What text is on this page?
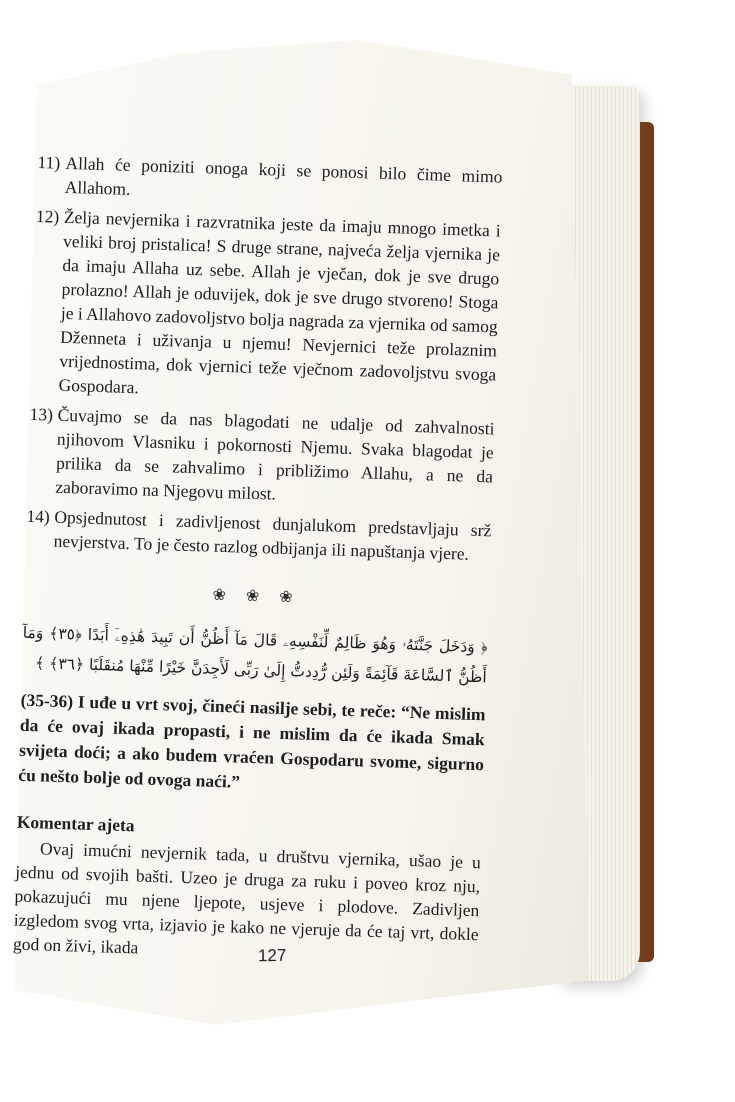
11) Allah će poniziti onoga koji se ponosi bilo čime mimo Allahom.
12) Želja nevjernika i razvratnika jeste da imaju mnogo imetka i veliki broj pristalica! S druge strane, najveća želja vjernika je da imaju Allaha uz sebe. Allah je vječan, dok je sve drugo prolazno! Allah je oduvijek, dok je sve drugo stvoreno! Stoga je i Allahovo zadovoljstvo bolja nagrada za vjernika od samog Dženneta i uživanja u njemu! Nevjernici teže prolaznim vrijednostima, dok vjernici teže vječnom zadovoljstvu svoga Gospodara.
13) Čuvajmo se da nas blagodati ne udalje od zahvalnosti njihovom Vlasniku i pokornosti Njemu. Svaka blagodat je prilika da se zahvalimo i približimo Allahu, a ne da zaboravimo na Njegovu milost.
14) Opsjednutost i zadivljenost dunjalukom predstavljaju srž nevjerstva. To je često razlog odbijanja ili napuštanja vjere.
❀ ❀ ❀
﴿ وَدَخَلَ جَنَّتَهُۥ وَهُوَ ظَالِمٌ لِّنَفْسِهِۦ قَالَ مَآ أَظُنُّ أَن تَبِيدَ هَٰذِهِۦٓ أَبَدًا ﴿٣٥﴾ وَمَآ أَظُنُّ ٱلسَّاعَةَ قَآئِمَةً وَلَئِن رُّدِدتُّ إِلَىٰ رَبِّى لَأَجِدَنَّ خَيْرًا مِّنْهَا مُنقَلَبًا ﴿٣٦﴾ ﴾
(35-36) I uđe u vrt svoj, čineći nasilje sebi, te reče: “Ne mislim da će ovaj ikada propasti, i ne mislim da će ikada Smak svijeta doći; a ako budem vraćen Gospodaru svome, sigurno ću nešto bolje od ovoga naći.”
Komentar ajeta
Ovaj imućni nevjernik tada, u društvu vjernika, ušao je u jednu od svojih bašti. Uzeo je druga za ruku i poveo kroz nju, pokazujući mu njene ljepote, usjeve i plodove. Zadivljen izgledom svog vrta, izjavio je kako ne vjeruje da će taj vrt, dokle god on živi, ikada	127
